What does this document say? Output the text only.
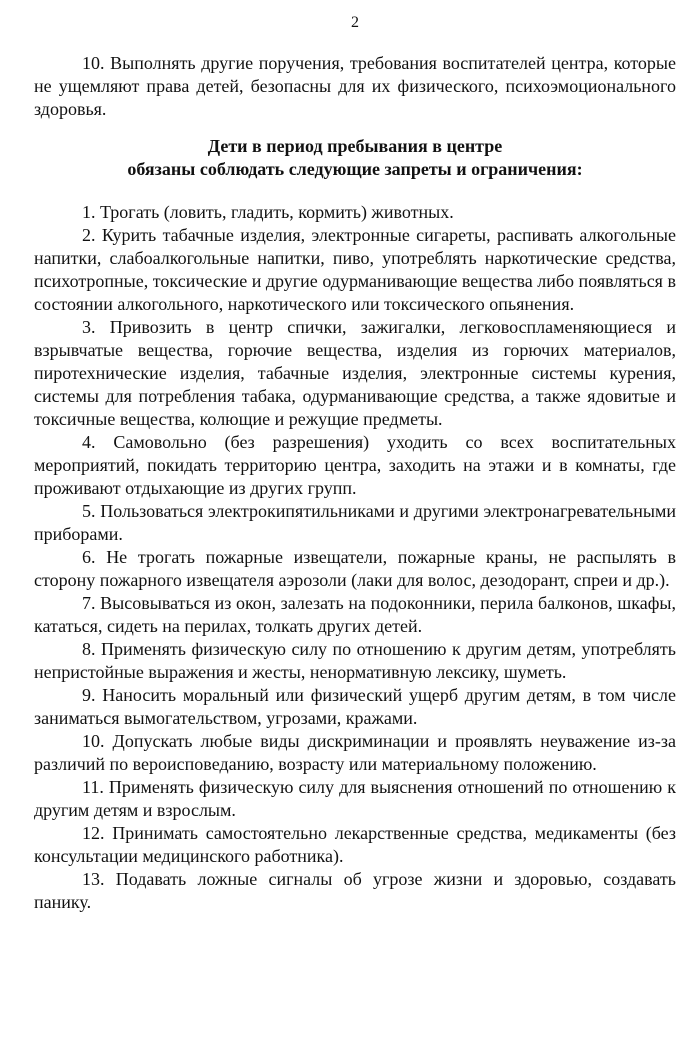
2

10. Выполнять другие поручения, требования воспитателей центра, которые не ущемляют права детей, безопасны для их физического, психоэмоционального здоровья.

Дети в период пребывания в центре
обязаны соблюдать следующие запреты и ограничения:

1. Трогать (ловить, гладить, кормить) животных.

2. Курить табачные изделия, электронные сигареты, распивать алкогольные напитки, слабоалкогольные напитки, пиво, употреблять наркотические средства, психотропные, токсические и другие одурманивающие вещества либо появляться в состоянии алкогольного, наркотического или токсического опьянения.

3. Привозить в центр спички, зажигалки, легковоспламеняющиеся и взрывчатые вещества, горючие вещества, изделия из горючих материалов, пиротехнические изделия, табачные изделия, электронные системы курения, системы для потребления табака, одурманивающие средства, а также ядовитые и токсичные вещества, колющие и режущие предметы.

4. Самовольно (без разрешения) уходить со всех воспитательных мероприятий, покидать территорию центра, заходить на этажи и в комнаты, где проживают отдыхающие из других групп.

5. Пользоваться электрокипятильниками и другими электронагревательными приборами.

6. Не трогать пожарные извещатели, пожарные краны, не распылять в сторону пожарного извещателя аэрозоли (лаки для волос, дезодорант, спреи и др.).

7. Высовываться из окон, залезать на подоконники, перила балконов, шкафы, кататься, сидеть на перилах, толкать других детей.

8. Применять физическую силу по отношению к другим детям, употреблять непристойные выражения и жесты, ненормативную лексику, шуметь.

9. Наносить моральный или физический ущерб другим детям, в том числе заниматься вымогательством, угрозами, кражами.

10. Допускать любые виды дискриминации и проявлять неуважение из-за различий по вероисповеданию, возрасту или материальному положению.

11. Применять физическую силу для выяснения отношений по отношению к другим детям и взрослым.

12. Принимать самостоятельно лекарственные средства, медикаменты (без консультации медицинского работника).

13. Подавать ложные сигналы об угрозе жизни и здоровью, создавать панику.
